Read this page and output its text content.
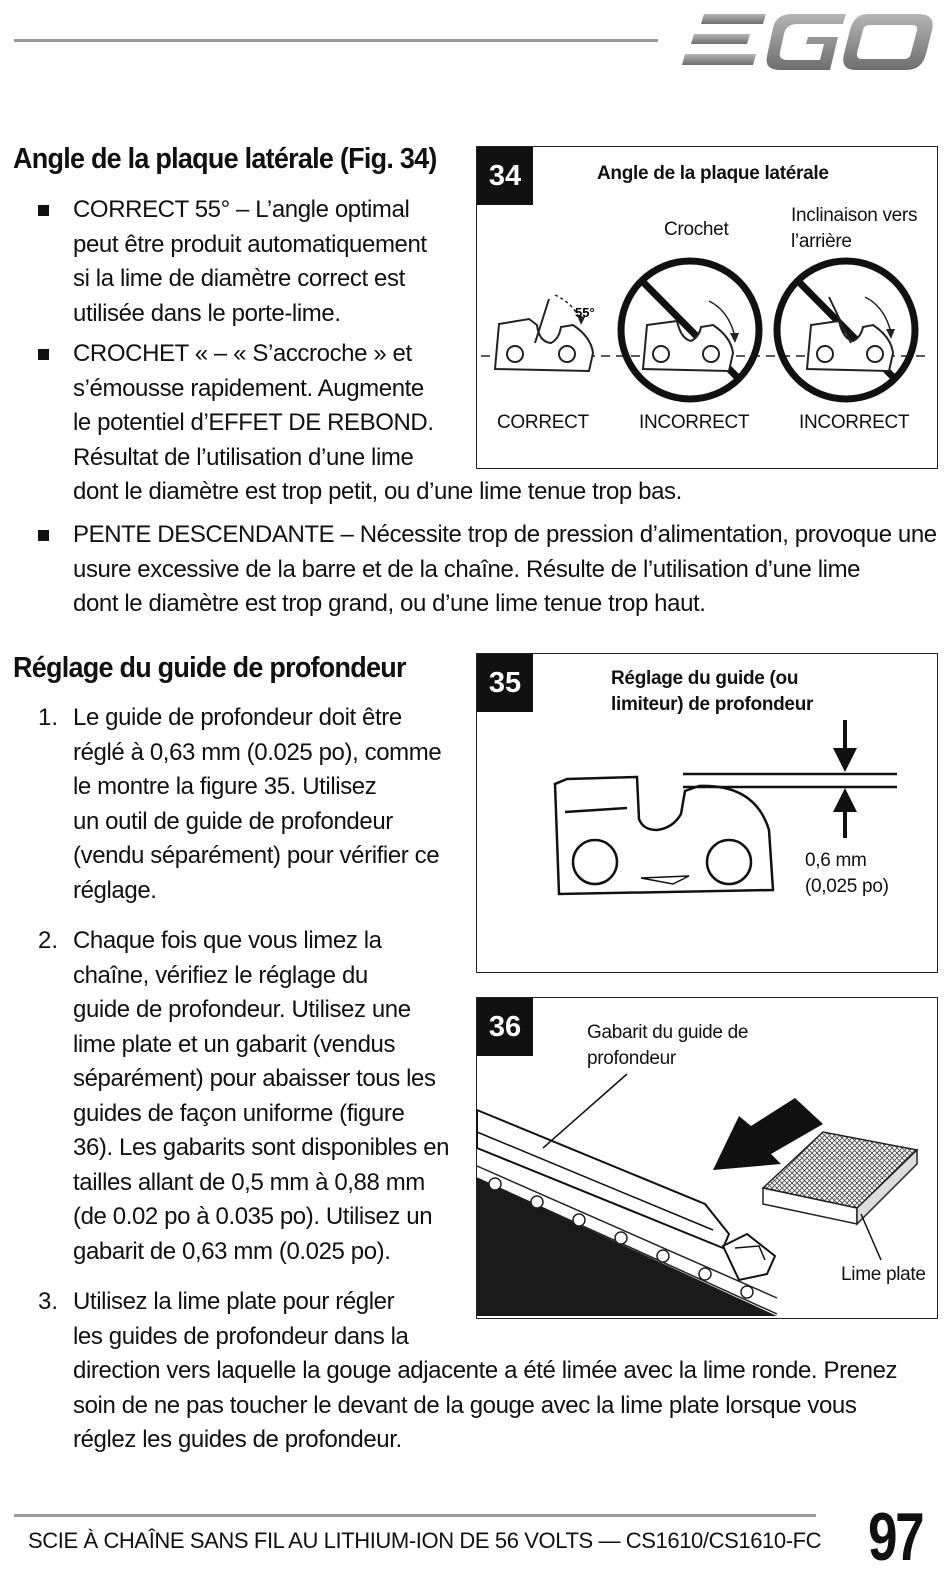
Angle de la plaque latérale (Fig. 34)
CORRECT 55° – L’angle optimal
peut être produit automatiquement
si la lime de diamètre correct est
utilisée dans le porte-lime.
CROCHET « – « S’accroche » et
s’émousse rapidement. Augmente
le potentiel d’EFFET DE REBOND.
Résultat de l’utilisation d’une lime
dont le diamètre est trop petit, ou d’une lime tenue trop bas.
PENTE DESCENDANTE – Nécessite trop de pression d’alimentation, provoque une
usure excessive de la barre et de la chaîne. Résulte de l’utilisation d’une lime
dont le diamètre est trop grand, ou d’une lime tenue trop haut.
34	Angle de la plaque latérale
Crochet
Inclinaison vers
l’arrière
CORRECT	INCORRECT	INCORRECT
55°
Réglage du guide de profondeur
1. Le guide de profondeur doit être
réglé à 0,63 mm (0.025 po), comme
le montre la figure 35. Utilisez
un outil de guide de profondeur
(vendu séparément) pour vérifier ce
réglage.
2. Chaque fois que vous limez la
chaîne, vérifiez le réglage du
guide de profondeur. Utilisez une
lime plate et un gabarit (vendus
séparément) pour abaisser tous les
guides de façon uniforme (figure
36). Les gabarits sont disponibles en
tailles allant de 0,5 mm à 0,88 mm
(de 0.02 po à 0.035 po). Utilisez un
gabarit de 0,63 mm (0.025 po).
3. Utilisez la lime plate pour régler
les guides de profondeur dans la
direction vers laquelle la gouge adjacente a été limée avec la lime ronde. Prenez
soin de ne pas toucher le devant de la gouge avec la lime plate lorsque vous
réglez les guides de profondeur.
35	Réglage du guide (ou
limiteur) de profondeur
0,6 mm
(0,025 po)
36	Gabarit du guide de
profondeur
Lime plate
SCIE À CHAÎNE SANS FIL AU LITHIUM-ION DE 56 VOLTS — CS1610/CS1610-FC 97
